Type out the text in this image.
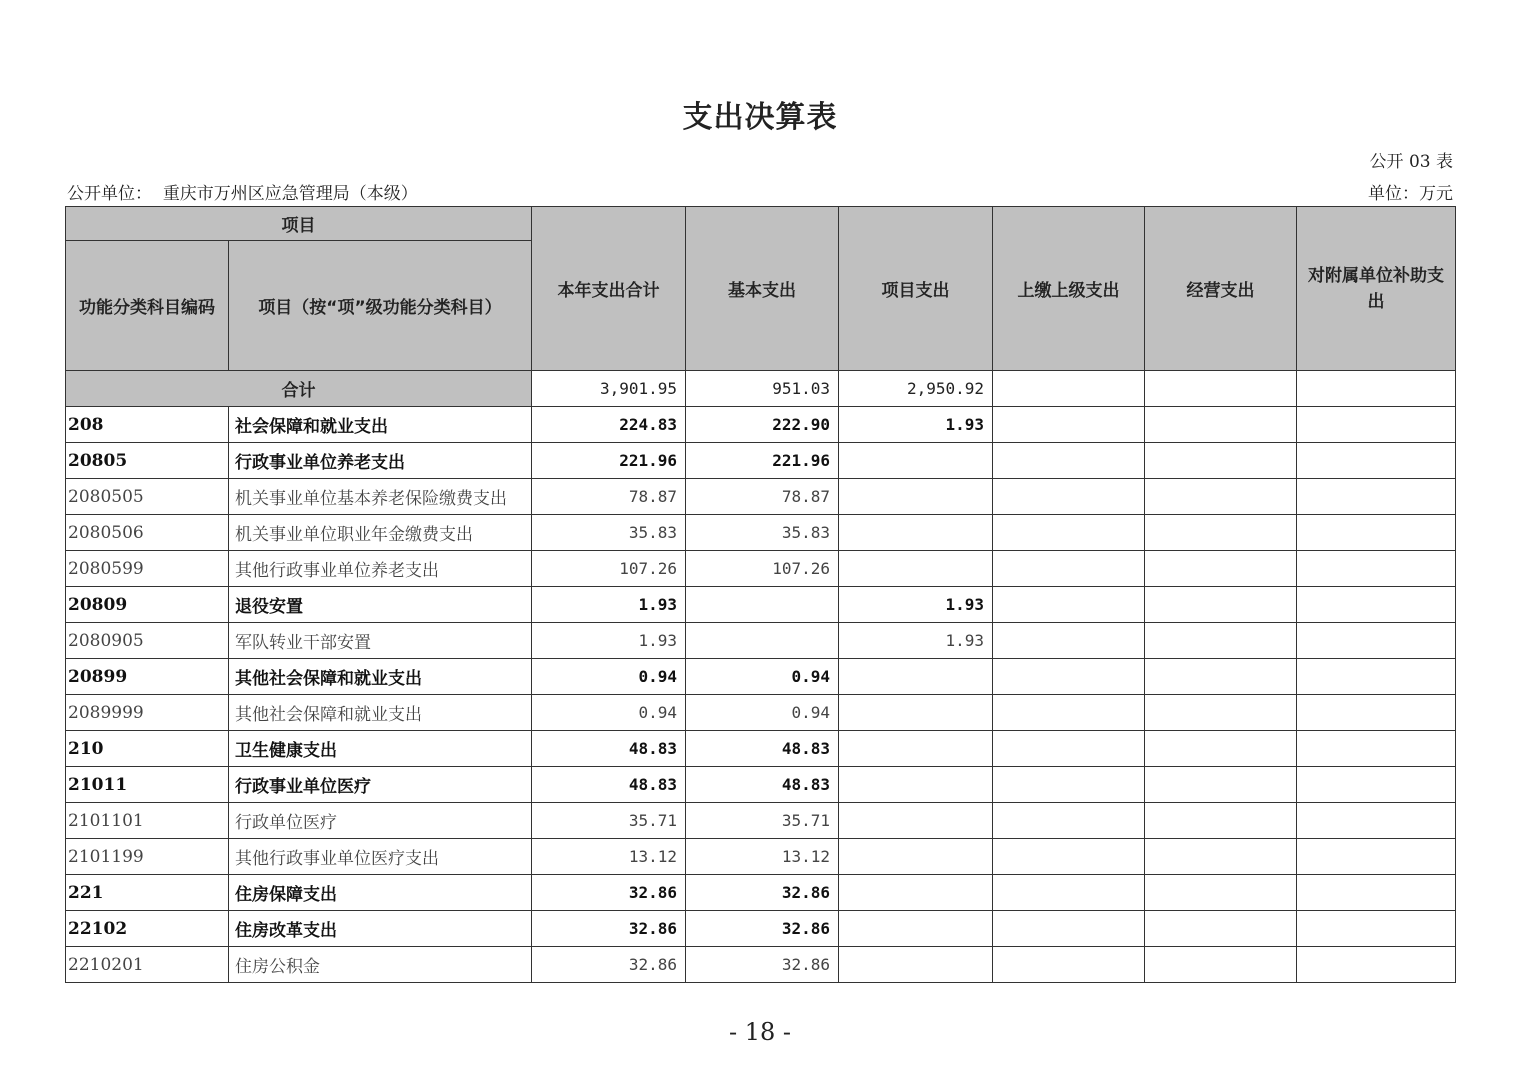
支出决算表
公开 03 表
公开单位： 重庆市万州区应急管理局（本级）	单位：万元
项目		本年支出合计	基本支出	项目支出	上缴上级支出	经营支出	对附属单位补助支出
功能分类科目编码	项目（按“项”级功能分类科目）						
合计		3,901.95	951.03	2,950.92			
208	社会保障和就业支出	224.83	222.90	1.93			
20805	行政事业单位养老支出	221.96	221.96				
2080505	机关事业单位基本养老保险缴费支出	78.87	78.87				
2080506	机关事业单位职业年金缴费支出	35.83	35.83				
2080599	其他行政事业单位养老支出	107.26	107.26				
20809	退役安置	1.93		1.93			
2080905	军队转业干部安置	1.93		1.93			
20899	其他社会保障和就业支出	0.94	0.94				
2089999	其他社会保障和就业支出	0.94	0.94				
210	卫生健康支出	48.83	48.83				
21011	行政事业单位医疗	48.83	48.83				
2101101	行政单位医疗	35.71	35.71				
2101199	其他行政事业单位医疗支出	13.12	13.12				
221	住房保障支出	32.86	32.86				
22102	住房改革支出	32.86	32.86				
2210201	住房公积金	32.86	32.86				
- 18 -
